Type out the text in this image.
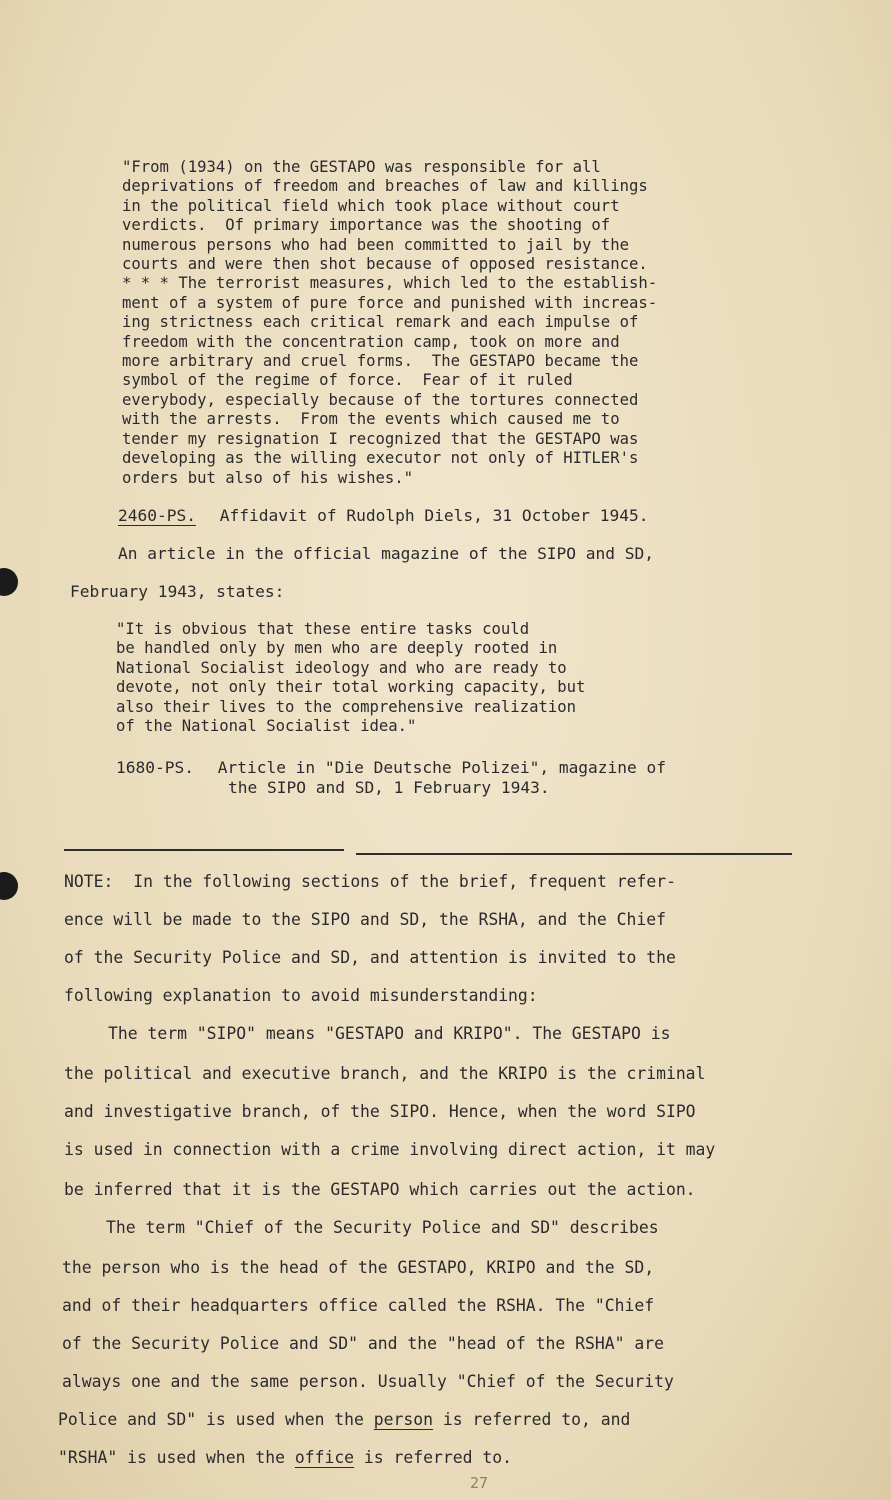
"From (1934) on the GESTAPO was responsible for all
deprivations of freedom and breaches of law and killings
in the political field which took place without court
verdicts.  Of primary importance was the shooting of
numerous persons who had been committed to jail by the
courts and were then shot because of opposed resistance.
* * * The terrorist measures, which led to the establish-
ment of a system of pure force and punished with increas-
ing strictness each critical remark and each impulse of
freedom with the concentration camp, took on more and
more arbitrary and cruel forms.  The GESTAPO became the
symbol of the regime of force.  Fear of it ruled
everybody, especially because of the tortures connected
with the arrests.  From the events which caused me to
tender my resignation I recognized that the GESTAPO was
developing as the willing executor not only of HITLER's
orders but also of his wishes."
2460-PS. Affidavit of Rudolph Diels, 31 October 1945.
An article in the official magazine of the SIPO and SD,
February 1943, states:
"It is obvious that these entire tasks could
be handled only by men who are deeply rooted in
National Socialist ideology and who are ready to
devote, not only their total working capacity, but
also their lives to the comprehensive realization
of the National Socialist idea."
1680-PS. Article in "Die Deutsche Polizei", magazine of
the SIPO and SD, 1 February 1943.
NOTE: In the following sections of the brief, frequent refer-
ence will be made to the SIPO and SD, the RSHA, and the Chief
of the Security Police and SD, and attention is invited to the
following explanation to avoid misunderstanding:
The term "SIPO" means "GESTAPO and KRIPO". The GESTAPO is
the political and executive branch, and the KRIPO is the criminal
and investigative branch, of the SIPO. Hence, when the word SIPO
is used in connection with a crime involving direct action, it may
be inferred that it is the GESTAPO which carries out the action.
The term "Chief of the Security Police and SD" describes
the person who is the head of the GESTAPO, KRIPO and the SD,
and of their headquarters office called the RSHA. The "Chief
of the Security Police and SD" and the "head of the RSHA" are
always one and the same person. Usually "Chief of the Security
Police and SD" is used when the person is referred to, and
"RSHA" is used when the office is referred to.
27
